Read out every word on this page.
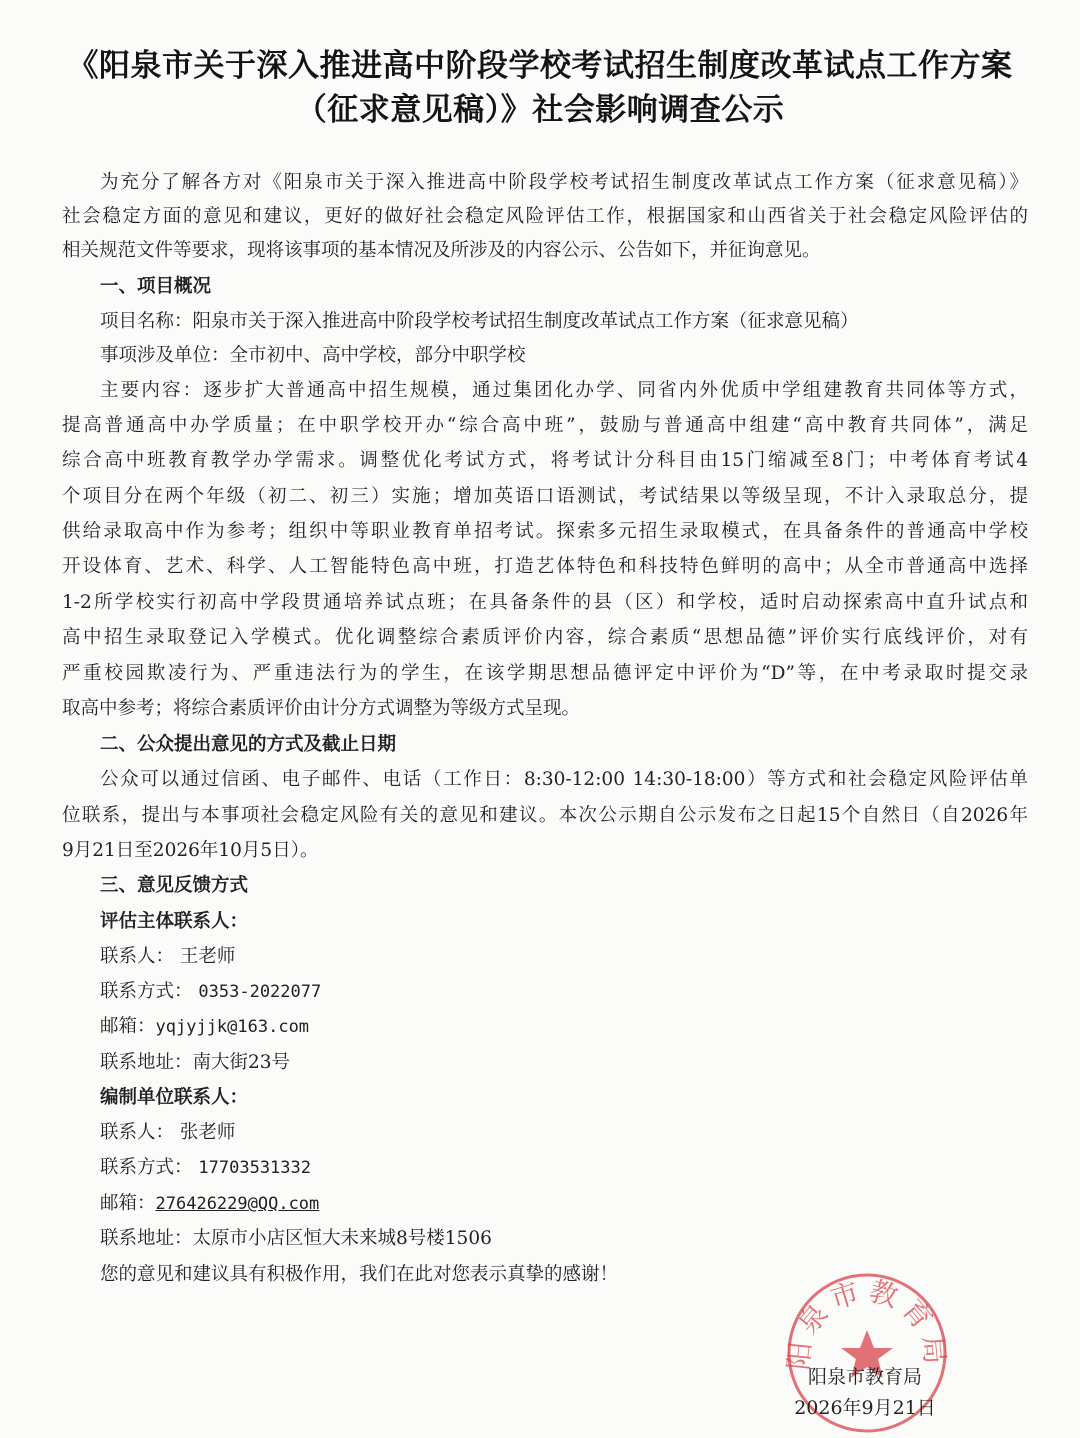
《阳泉市关于深入推进高中阶段学校考试招生制度改革试点工作方案
（征求意见稿）》社会影响调查公示
为充分了解各方对《阳泉市关于深入推进高中阶段学校考试招生制度改革试点工作方案（征求意见稿）》
社会稳定方面的意见和建议，更好的做好社会稳定风险评估工作，根据国家和山西省关于社会稳定风险评估的
相关规范文件等要求，现将该事项的基本情况及所涉及的内容公示、公告如下，并征询意见。
一、项目概况
项目名称：阳泉市关于深入推进高中阶段学校考试招生制度改革试点工作方案（征求意见稿）
事项涉及单位：全市初中、高中学校，部分中职学校
主要内容：逐步扩大普通高中招生规模，通过集团化办学、同省内外优质中学组建教育共同体等方式，
提高普通高中办学质量；在中职学校开办“综合高中班”，鼓励与普通高中组建“高中教育共同体”，满足
综合高中班教育教学办学需求。调整优化考试方式，将考试计分科目由15门缩减至8门；中考体育考试4
个项目分在两个年级（初二、初三）实施；增加英语口语测试，考试结果以等级呈现，不计入录取总分，提
供给录取高中作为参考；组织中等职业教育单招考试。探索多元招生录取模式，在具备条件的普通高中学校
开设体育、艺术、科学、人工智能特色高中班，打造艺体特色和科技特色鲜明的高中；从全市普通高中选择
1-2所学校实行初高中学段贯通培养试点班；在具备条件的县（区）和学校，适时启动探索高中直升试点和
高中招生录取登记入学模式。优化调整综合素质评价内容，综合素质“思想品德”评价实行底线评价，对有
严重校园欺凌行为、严重违法行为的学生，在该学期思想品德评定中评价为“D”等，在中考录取时提交录
取高中参考；将综合素质评价由计分方式调整为等级方式呈现。
二、公众提出意见的方式及截止日期
公众可以通过信函、电子邮件、电话（工作日：8:30-12:00 14:30-18:00）等方式和社会稳定风险评估单
位联系，提出与本事项社会稳定风险有关的意见和建议。本次公示期自公示发布之日起15个自然日（自2026年
9月21日至2026年10月5日）。
三、意见反馈方式
评估主体联系人：
联系人： 王老师
联系方式： 0353-2022077
邮箱：yqjyjjk@163.com
联系地址：南大街23号
编制单位联系人：
联系人： 张老师
联系方式： 17703531332
邮箱：276426229@QQ.com
联系地址：太原市小店区恒大未来城8号楼1506
您的意见和建议具有积极作用，我们在此对您表示真挚的感谢！
阳泉市教育局
阳泉市教育局
2026年9月21日
